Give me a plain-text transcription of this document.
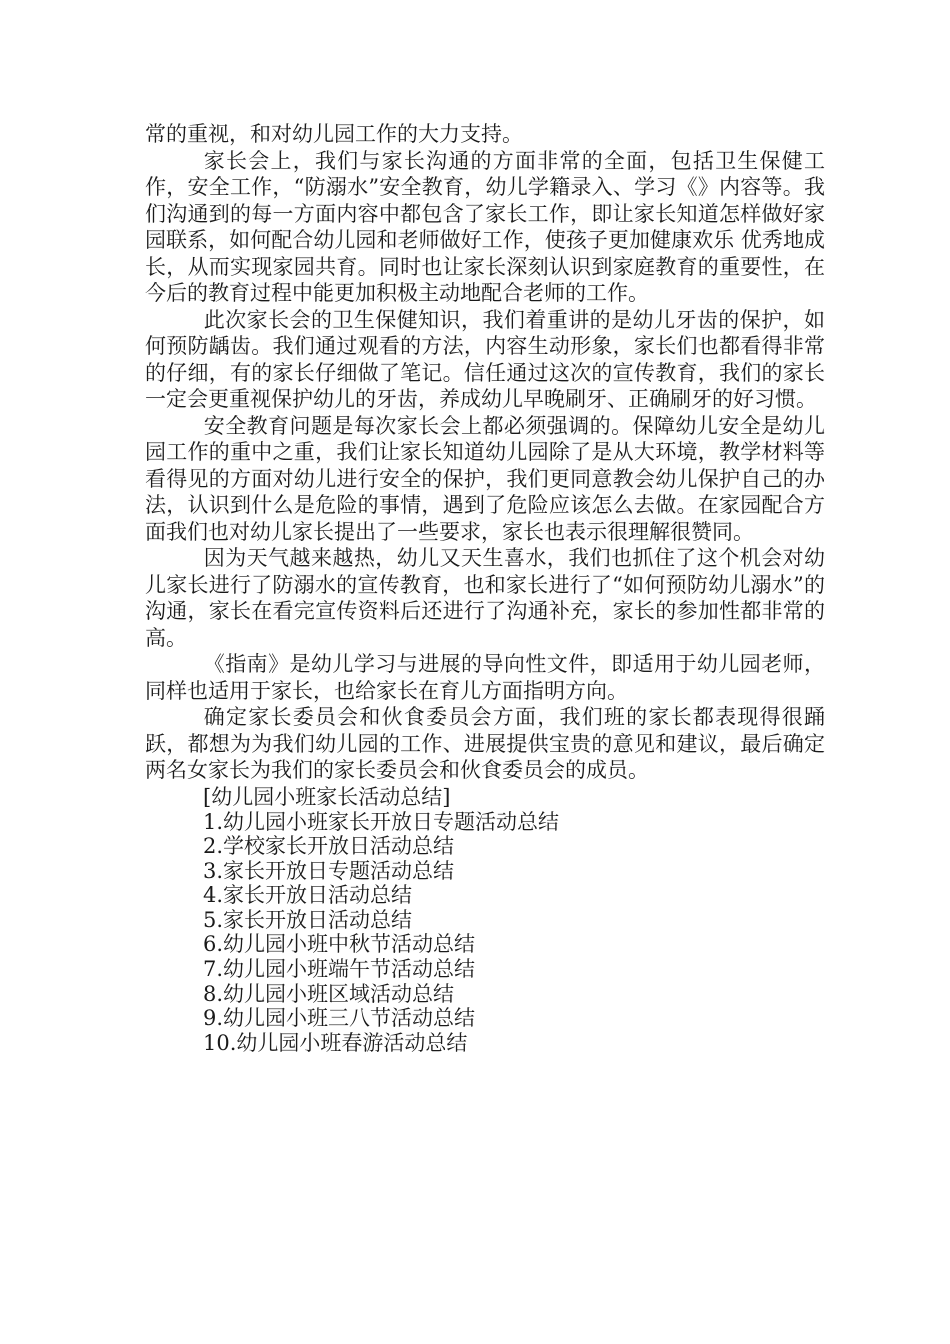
常的重视，和对幼儿园工作的大力支持。

家长会上，我们与家长沟通的方面非常的全面，包括卫生保健工作，安全工作，“防溺水”安全教育，幼儿学籍录入、学习《》内容等。我们沟通到的每一方面内容中都包含了家长工作，即让家长知道怎样做好家园联系，如何配合幼儿园和老师做好工作，使孩子更加健康欢乐 优秀地成长，从而实现家园共育。同时也让家长深刻认识到家庭教育的重要性，在今后的教育过程中能更加积极主动地配合老师的工作。

此次家长会的卫生保健知识，我们着重讲的是幼儿牙齿的保护，如何预防龋齿。我们通过观看的方法，内容生动形象，家长们也都看得非常的仔细，有的家长仔细做了笔记。信任通过这次的宣传教育，我们的家长一定会更重视保护幼儿的牙齿，养成幼儿早晚刷牙、正确刷牙的好习惯。

安全教育问题是每次家长会上都必须强调的。保障幼儿安全是幼儿园工作的重中之重，我们让家长知道幼儿园除了是从大环境，教学材料等看得见的方面对幼儿进行安全的保护，我们更同意教会幼儿保护自己的办法，认识到什么是危险的事情，遇到了危险应该怎么去做。在家园配合方面我们也对幼儿家长提出了一些要求，家长也表示很理解很赞同。

因为天气越来越热，幼儿又天生喜水，我们也抓住了这个机会对幼儿家长进行了防溺水的宣传教育，也和家长进行了“如何预防幼儿溺水”的沟通，家长在看完宣传资料后还进行了沟通补充，家长的参加性都非常的高。

《指南》是幼儿学习与进展的导向性文件，即适用于幼儿园老师，同样也适用于家长，也给家长在育儿方面指明方向。

确定家长委员会和伙食委员会方面，我们班的家长都表现得很踊跃，都想为为我们幼儿园的工作、进展提供宝贵的意见和建议，最后确定两名女家长为我们的家长委员会和伙食委员会的成员。

[幼儿园小班家长活动总结]
1.幼儿园小班家长开放日专题活动总结
2.学校家长开放日活动总结
3.家长开放日专题活动总结
4.家长开放日活动总结
5.家长开放日活动总结
6.幼儿园小班中秋节活动总结
7.幼儿园小班端午节活动总结
8.幼儿园小班区域活动总结
9.幼儿园小班三八节活动总结
10.幼儿园小班春游活动总结
